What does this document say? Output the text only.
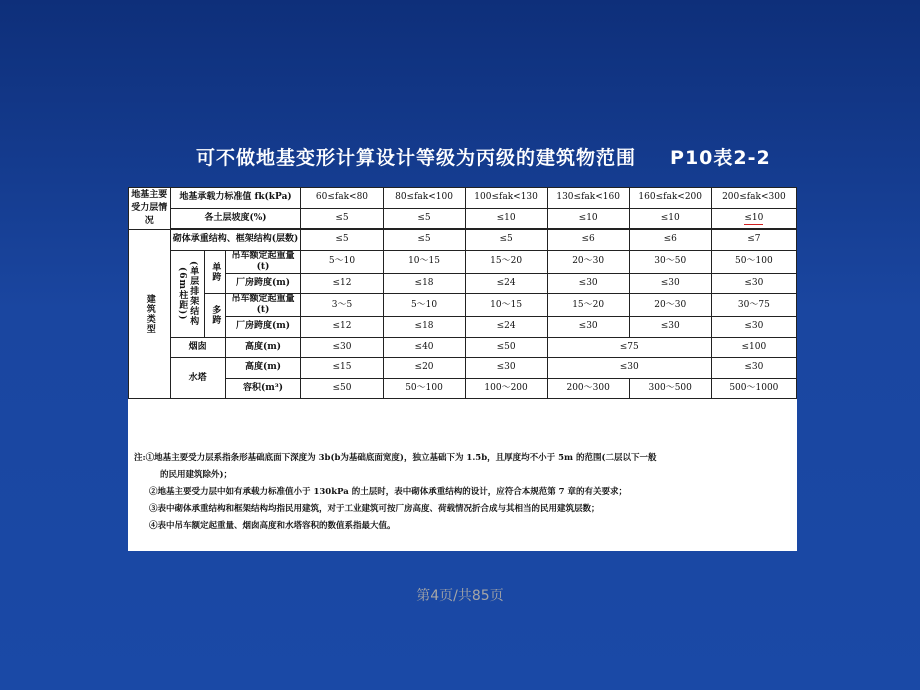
可不做地基变形计算设计等级为丙级的建筑物范围 P10表2-2
地基主要受力层情况	地基承载力标准值 fk(kPa)			60≤fak<80	80≤fak<100	100≤fak<130	130≤fak<160	160≤fak<200	200≤fak<300
	各土层坡度(%)			≤5	≤5	≤10	≤10	≤10	≤10

建筑类型	砌体承重结构、框架结构(层数)			≤5	≤5	≤5	≤6	≤6	≤7
	(单层排架结构(6m柱距))	单跨	吊车额定起重量(t)	5～10	10～15	15～20	20～30	30～50	50～100
			厂房跨度(m)	≤12	≤18	≤24	≤30	≤30	≤30
		多跨	吊车额定起重量(t)	3～5	5～10	10～15	15～20	20～30	30～75
			厂房跨度(m)	≤12	≤18	≤24	≤30	≤30	≤30
	烟囱		高度(m)	≤30	≤40	≤50	≤75		≤100
	水塔		高度(m)	≤15	≤20	≤30	≤30		≤30
			容积(m³)	≤50	50～100	100～200	200～300	300～500	500～1000
注:①地基主要受力层系指条形基础底面下深度为 3b(b为基础底面宽度)，独立基础下为 1.5b，且厚度均不小于 5m 的范围(二层以下一般
的民用建筑除外)；
②地基主要受力层中如有承载力标准值小于 130kPa 的土层时，表中砌体承重结构的设计，应符合本规范第 7 章的有关要求；
③表中砌体承重结构和框架结构均指民用建筑，对于工业建筑可按厂房高度、荷载情况折合成与其相当的民用建筑层数；
④表中吊车额定起重量、烟囱高度和水塔容积的数值系指最大值。
第4页/共85页
